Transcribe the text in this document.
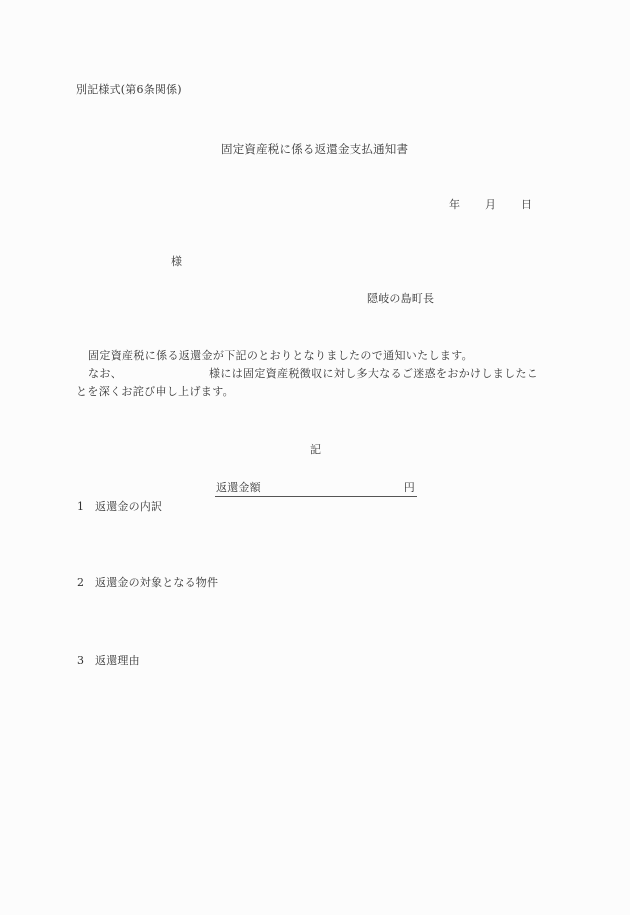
別記様式(第6条関係)
固定資産税に係る返還金支払通知書
年 月 日
様
隠岐の島町長
固定資産税に係る返還金が下記のとおりとなりましたので通知いたします。
なお、	様には固定資産税徴収に対し多大なるご迷惑をおかけしましたこ
とを深くお詫び申し上げます。
記
返還金額	円
1 返還金の内訳
2 返還金の対象となる物件
3 返還理由
